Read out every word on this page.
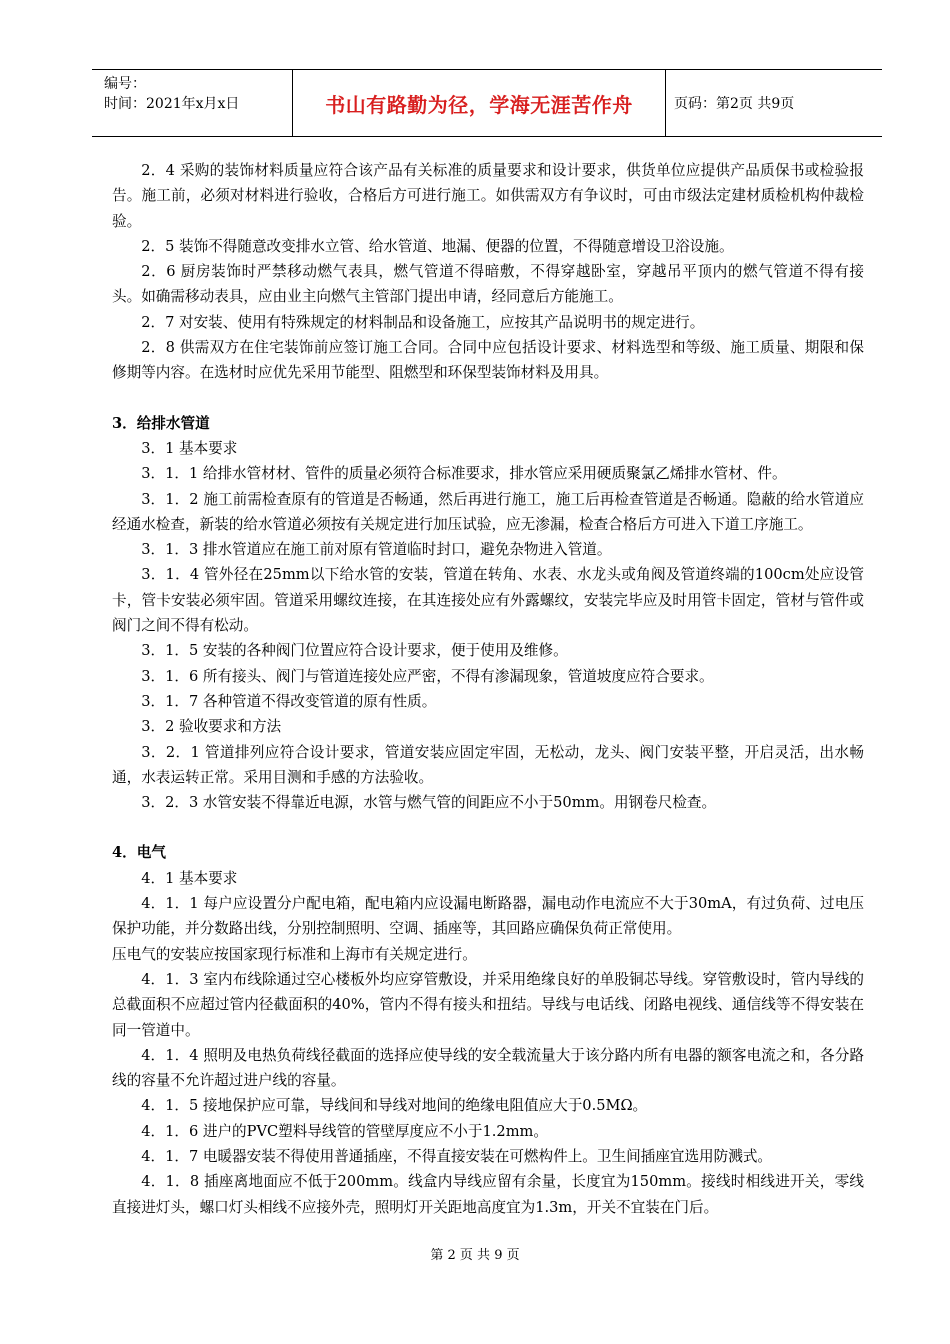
编号：
时间：2021年x月x日	书山有路勤为径，学海无涯苦作舟	页码：第2页 共9页

2．4 采购的装饰材料质量应符合该产品有关标准的质量要求和设计要求，供货单位应提供产品质保书或检验报告。施工前，必须对材料进行验收，合格后方可进行施工。如供需双方有争议时，可由市级法定建材质检机构仲裁检验。

2．5 装饰不得随意改变排水立管、给水管道、地漏、便器的位置，不得随意增设卫浴设施。

2．6 厨房装饰时严禁移动燃气表具，燃气管道不得暗敷，不得穿越卧室，穿越吊平顶内的燃气管道不得有接头。如确需移动表具，应由业主向燃气主管部门提出申请，经同意后方能施工。

2．7 对安装、使用有特殊规定的材料制品和设备施工，应按其产品说明书的规定进行。

2．8 供需双方在住宅装饰前应签订施工合同。合同中应包括设计要求、材料选型和等级、施工质量、期限和保修期等内容。在选材时应优先采用节能型、阻燃型和环保型装饰材料及用具。

3．给排水管道

3．1 基本要求

3．1．1 给排水管材材、管件的质量必须符合标准要求，排水管应采用硬质聚氯乙烯排水管材、件。

3．1．2 施工前需检查原有的管道是否畅通，然后再进行施工，施工后再检查管道是否畅通。隐蔽的给水管道应经通水检查，新装的给水管道必须按有关规定进行加压试验，应无渗漏，检查合格后方可进入下道工序施工。

3．1．3 排水管道应在施工前对原有管道临时封口，避免杂物进入管道。

3．1．4 管外径在25mm以下给水管的安装，管道在转角、水表、水龙头或角阀及管道终端的100cm处应设管卡，管卡安装必须牢固。管道采用螺纹连接，在其连接处应有外露螺纹，安装完毕应及时用管卡固定，管材与管件或阀门之间不得有松动。

3．1．5 安装的各种阀门位置应符合设计要求，便于使用及维修。

3．1．6 所有接头、阀门与管道连接处应严密，不得有渗漏现象，管道坡度应符合要求。

3．1．7 各种管道不得改变管道的原有性质。

3．2 验收要求和方法

3．2．1 管道排列应符合设计要求，管道安装应固定牢固，无松动，龙头、阀门安装平整，开启灵活，出水畅通，水表运转正常。采用目测和手感的方法验收。

3．2．3 水管安装不得靠近电源，水管与燃气管的间距应不小于50mm。用钢卷尺检查。

4．电气

4．1 基本要求

4．1．1 每户应设置分户配电箱，配电箱内应设漏电断路器，漏电动作电流应不大于30mA，有过负荷、过电压保护功能，并分数路出线，分别控制照明、空调、插座等，其回路应确保负荷正常使用。

压电气的安装应按国家现行标准和上海市有关规定进行。

4．1．3 室内布线除通过空心楼板外均应穿管敷设，并采用绝缘良好的单股铜芯导线。穿管敷设时，管内导线的总截面积不应超过管内径截面积的40%，管内不得有接头和扭结。导线与电话线、闭路电视线、通信线等不得安装在同一管道中。

4．1．4 照明及电热负荷线径截面的选择应使导线的安全载流量大于该分路内所有电器的额客电流之和，各分路线的容量不允许超过进户线的容量。

4．1．5 接地保护应可靠，导线间和导线对地间的绝缘电阻值应大于0.5MΩ。

4．1．6 进户的PVC塑料导线管的管壁厚度应不小于1.2mm。

4．1．7 电暖器安装不得使用普通插座，不得直接安装在可燃构件上。卫生间插座宜选用防溅式。

4．1．8 插座离地面应不低于200mm。线盒内导线应留有余量，长度宜为150mm。接线时相线进开关，零线直接进灯头，螺口灯头相线不应接外壳，照明灯开关距地高度宜为1.3m，开关不宜装在门后。

第 2 页 共 9 页
